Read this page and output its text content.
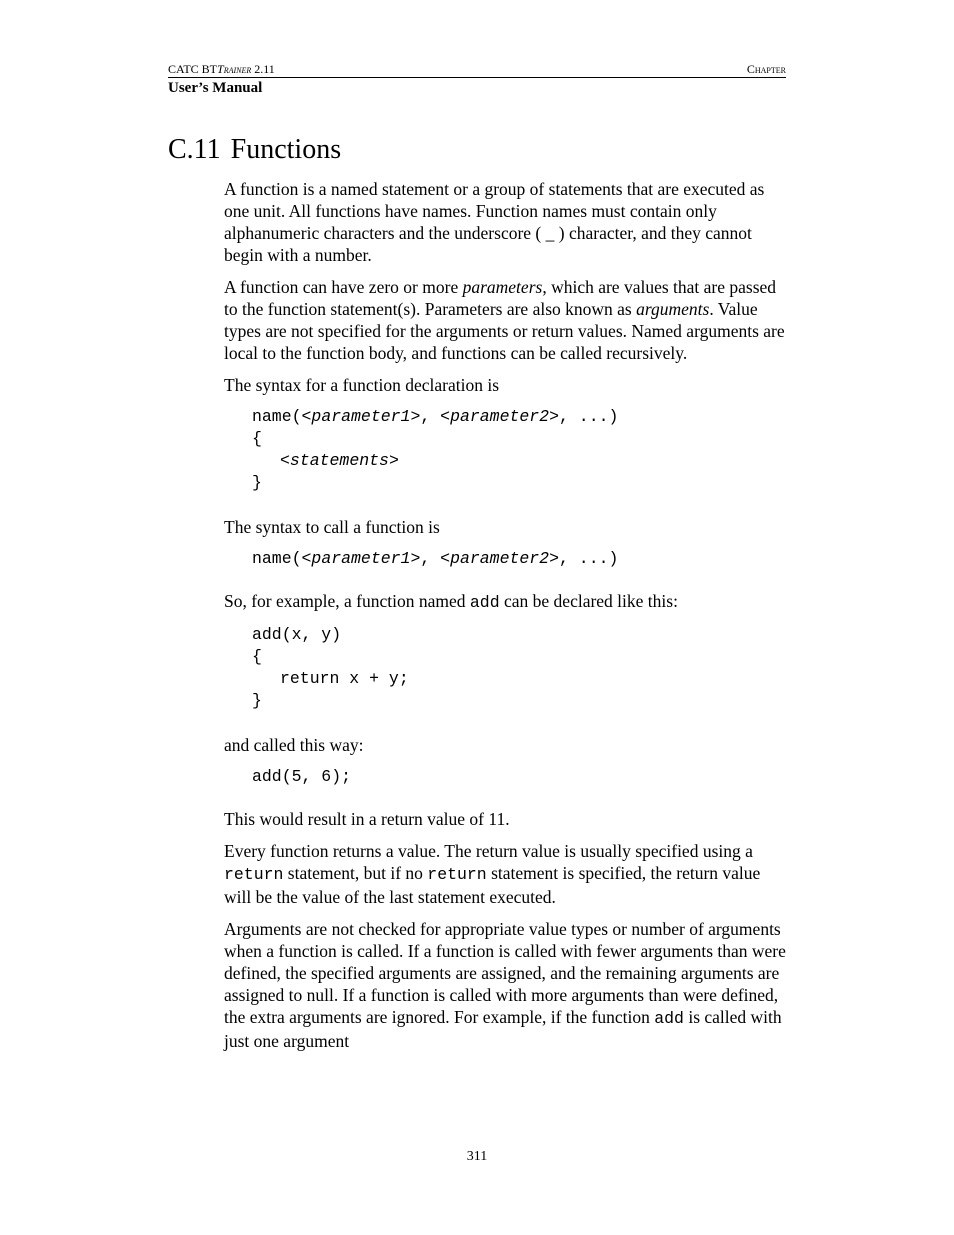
CATC BTTrainer 2.11	Chapter
User’s Manual
C.11 Functions

A function is a named statement or a group of statements that are executed as one unit. All functions have names. Function names must contain only alphanumeric characters and the underscore ( _ ) character, and they cannot begin with a number.

A function can have zero or more parameters, which are values that are passed to the function statement(s). Parameters are also known as arguments. Value types are not specified for the arguments or return values. Named arguments are local to the function body, and functions can be called recursively.

The syntax for a function declaration is

name(<parameter1>, <parameter2>, ...)
{
<statements>
}

The syntax to call a function is

name(<parameter1>, <parameter2>, ...)

So, for example, a function named add can be declared like this:

add(x, y)
{
return x + y;
}

and called this way:

add(5, 6);

This would result in a return value of 11.

Every function returns a value. The return value is usually specified using a return statement, but if no return statement is specified, the return value will be the value of the last statement executed.

Arguments are not checked for appropriate value types or number of arguments when a function is called. If a function is called with fewer arguments than were defined, the specified arguments are assigned, and the remaining arguments are assigned to null. If a function is called with more arguments than were defined, the extra arguments are ignored. For example, if the function add is called with just one argument

311
